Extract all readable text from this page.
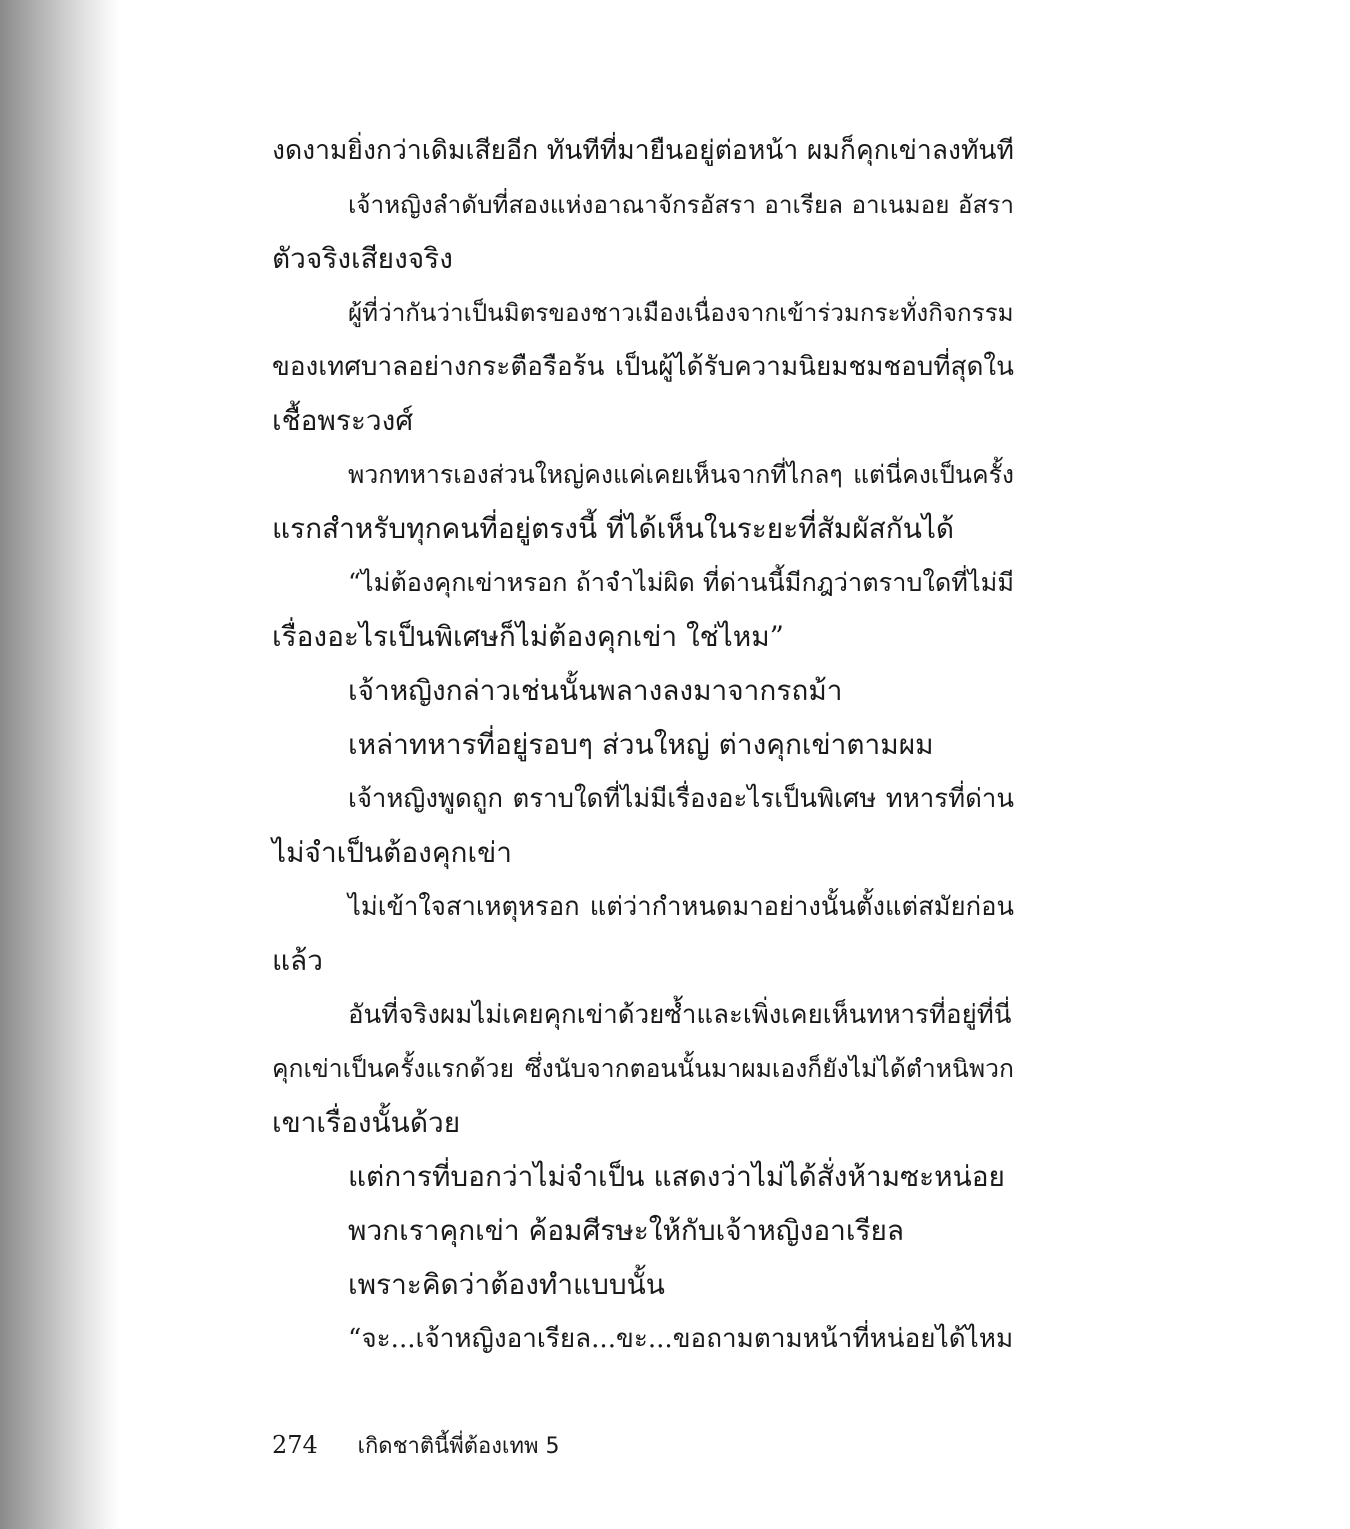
งดงามยิ่งกว่าเดิมเสียอีก ทันทีที่มายืนอยู่ต่อหน้า ผมก็คุกเข่าลงทันที
เจ้าหญิงลำดับที่สองแห่งอาณาจักรอัสรา อาเรียล อาเนมอย อัสรา
ตัวจริงเสียงจริง
ผู้ที่ว่ากันว่าเป็นมิตรของชาวเมืองเนื่องจากเข้าร่วมกระทั่งกิจกรรม
ของเทศบาลอย่างกระตือรือร้น เป็นผู้ได้รับความนิยมชมชอบที่สุดใน
เชื้อพระวงศ์
พวกทหารเองส่วนใหญ่คงแค่เคยเห็นจากที่ไกลๆ แต่นี่คงเป็นครั้ง
แรกสำหรับทุกคนที่อยู่ตรงนี้ ที่ได้เห็นในระยะที่สัมผัสกันได้
“ไม่ต้องคุกเข่าหรอก ถ้าจำไม่ผิด ที่ด่านนี้มีกฎว่าตราบใดที่ไม่มี
เรื่องอะไรเป็นพิเศษก็ไม่ต้องคุกเข่า ใช่ไหม”
เจ้าหญิงกล่าวเช่นนั้นพลางลงมาจากรถม้า
เหล่าทหารที่อยู่รอบๆ ส่วนใหญ่ ต่างคุกเข่าตามผม
เจ้าหญิงพูดถูก ตราบใดที่ไม่มีเรื่องอะไรเป็นพิเศษ ทหารที่ด่าน
ไม่จำเป็นต้องคุกเข่า
ไม่เข้าใจสาเหตุหรอก แต่ว่ากำหนดมาอย่างนั้นตั้งแต่สมัยก่อน
แล้ว
อันที่จริงผมไม่เคยคุกเข่าด้วยซ้ำและเพิ่งเคยเห็นทหารที่อยู่ที่นี่
คุกเข่าเป็นครั้งแรกด้วย ซึ่งนับจากตอนนั้นมาผมเองก็ยังไม่ได้ตำหนิพวก
เขาเรื่องนั้นด้วย
แต่การที่บอกว่าไม่จำเป็น แสดงว่าไม่ได้สั่งห้ามซะหน่อย
พวกเราคุกเข่า ค้อมศีรษะให้กับเจ้าหญิงอาเรียล
เพราะคิดว่าต้องทำแบบนั้น
“จะ...เจ้าหญิงอาเรียล...ขะ...ขอถามตามหน้าที่หน่อยได้ไหม
274 เกิดชาตินี้พี่ต้องเทพ 5
